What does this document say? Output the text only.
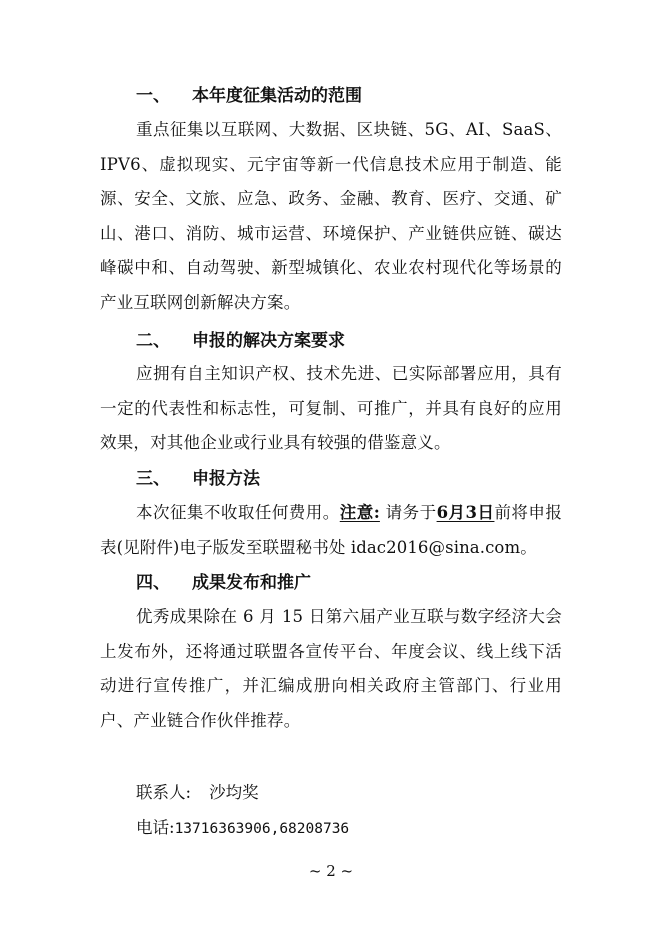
一、 本年度征集活动的范围
重点征集以互联网、大数据、区块链、5G、AI、SaaS、IPV6、虚拟现实、元宇宙等新一代信息技术应用于制造、能源、安全、文旅、应急、政务、金融、教育、医疗、交通、矿山、港口、消防、城市运营、环境保护、产业链供应链、碳达峰碳中和、自动驾驶、新型城镇化、农业农村现代化等场景的产业互联网创新解决方案。
二、 申报的解决方案要求
应拥有自主知识产权、技术先进、已实际部署应用，具有一定的代表性和标志性，可复制、可推广，并具有良好的应用效果，对其他企业或行业具有较强的借鉴意义。
三、 申报方法
本次征集不收取任何费用。注意: 请务于6月3日前将申报表(见附件)电子版发至联盟秘书处 idac2016@sina.com。
四、 成果发布和推广
优秀成果除在 6 月 15 日第六届产业互联与数字经济大会上发布外，还将通过联盟各宣传平台、年度会议、线上线下活动进行宣传推广，并汇编成册向相关政府主管部门、行业用户、产业链合作伙伴推荐。
联系人: 沙均奖
电话:13716363906,68208736
~ 2 ~
